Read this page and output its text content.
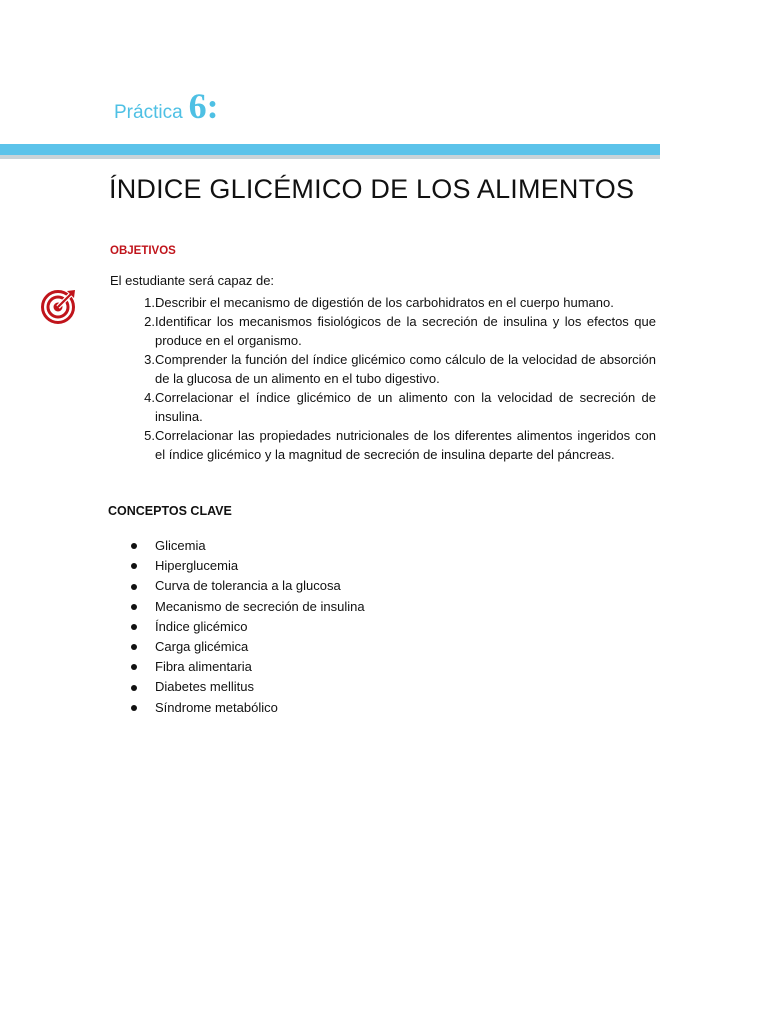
Práctica 6:
ÍNDICE GLICÉMICO DE LOS ALIMENTOS
OBJETIVOS
El estudiante será capaz de:
1. Describir el mecanismo de digestión de los carbohidratos en el cuerpo humano.
2. Identificar los mecanismos fisiológicos de la secreción de insulina y los efectos que produce en el organismo.
3. Comprender la función del índice glicémico como cálculo de la velocidad de absorción de la glucosa de un alimento en el tubo digestivo.
4. Correlacionar el índice glicémico de un alimento con la velocidad de secreción de insulina.
5. Correlacionar las propiedades nutricionales de los diferentes alimentos ingeridos con el índice glicémico y la magnitud de secreción de insulina departe del páncreas.
CONCEPTOS CLAVE
Glicemia
Hiperglucemia
Curva de tolerancia a la glucosa
Mecanismo de secreción de insulina
Índice glicémico
Carga glicémica
Fibra alimentaria
Diabetes mellitus
Síndrome metabólico
